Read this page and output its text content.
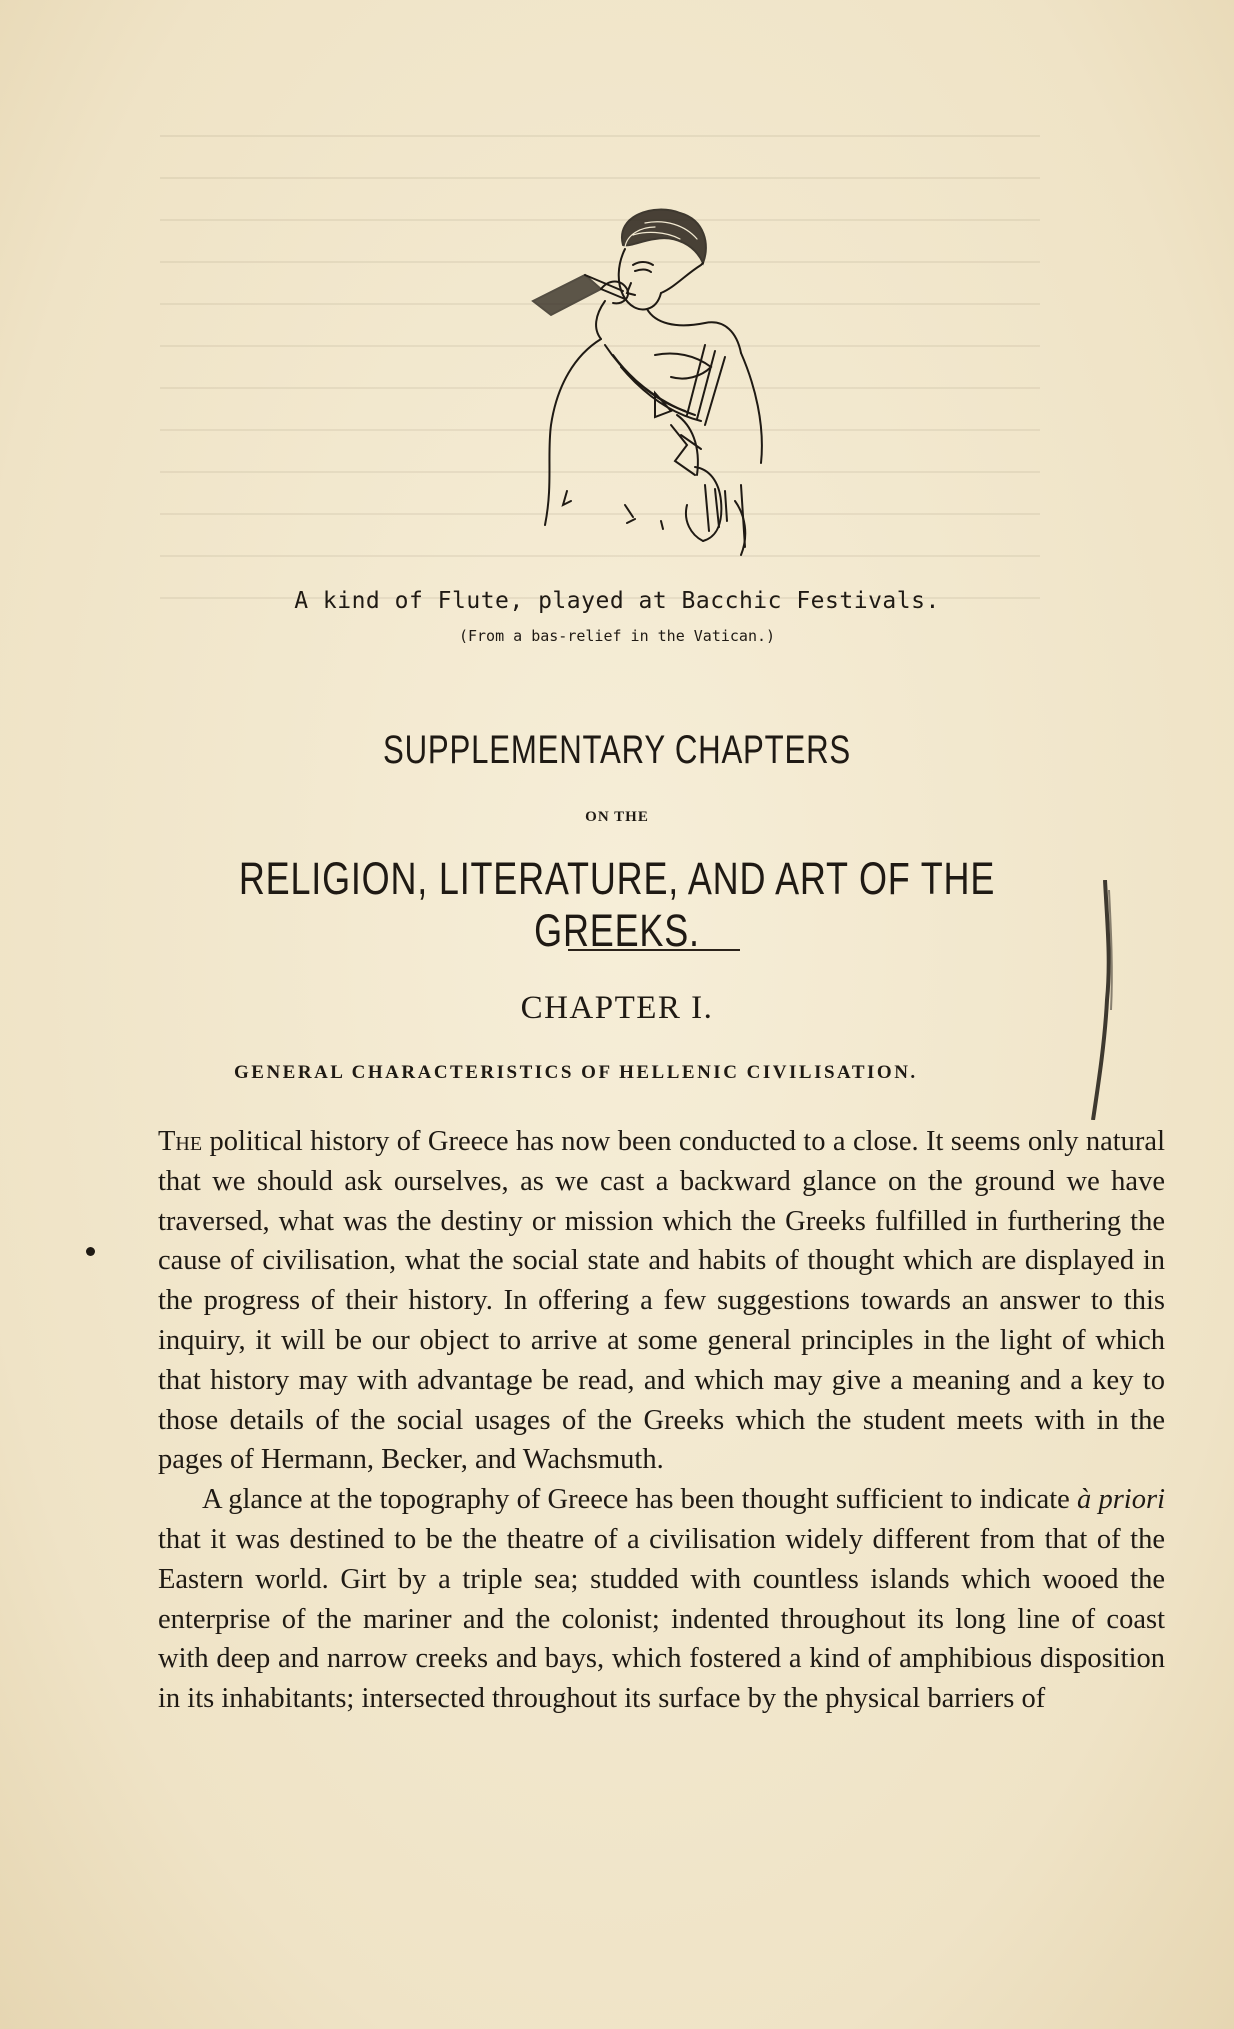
A kind of Flute, played at Bacchic Festivals.
(From a bas-relief in the Vatican.)
SUPPLEMENTARY CHAPTERS
ON THE
RELIGION, LITERATURE, AND ART OF THE GREEKS.
CHAPTER I.
GENERAL CHARACTERISTICS OF HELLENIC CIVILISATION.

The political history of Greece has now been conducted to a close. It seems only natural that we should ask ourselves, as we cast a backward glance on the ground we have traversed, what was the destiny or mission which the Greeks fulfilled in furthering the cause of civilisation, what the social state and habits of thought which are displayed in the progress of their history. In offering a few suggestions towards an answer to this inquiry, it will be our object to arrive at some general principles in the light of which that history may with advantage be read, and which may give a meaning and a key to those details of the social usages of the Greeks which the student meets with in the pages of Hermann, Becker, and Wachsmuth.

A glance at the topography of Greece has been thought sufficient to indicate à priori that it was destined to be the theatre of a civilisation widely different from that of the Eastern world. Girt by a triple sea; studded with countless islands which wooed the enterprise of the mariner and the colonist; indented throughout its long line of coast with deep and narrow creeks and bays, which fostered a kind of amphibious disposition in its inhabitants; intersected throughout its surface by the physical barriers of
